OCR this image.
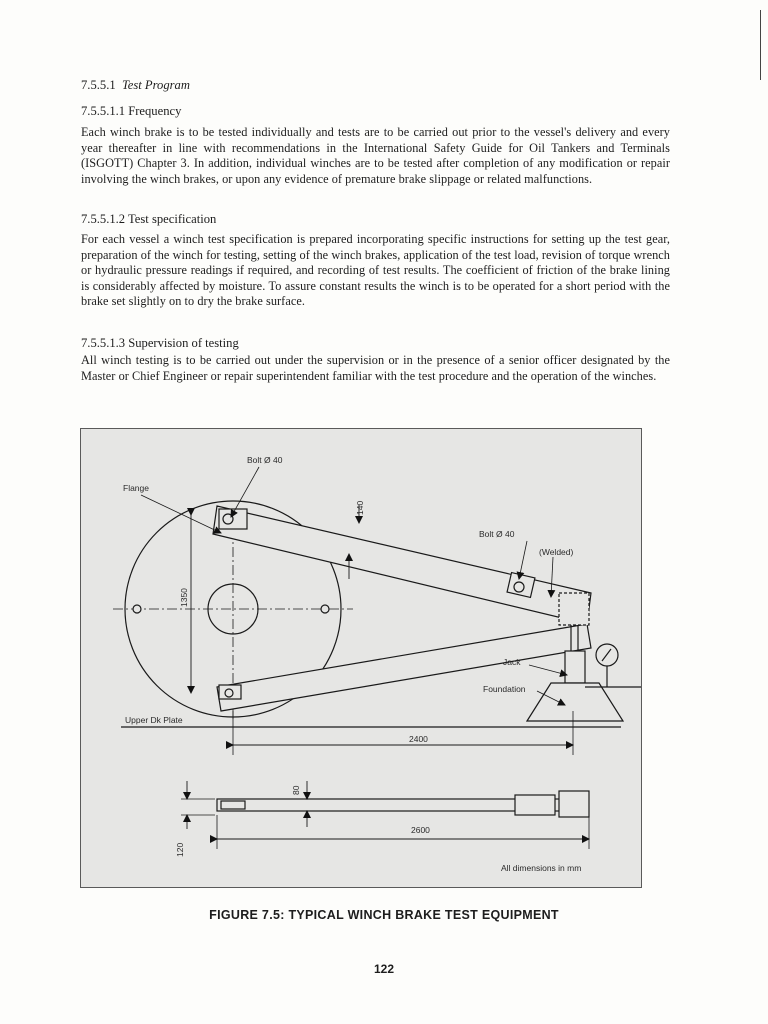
7.5.5.1 Test Program
7.5.5.1.1 Frequency

Each winch brake is to be tested individually and tests are to be carried out prior to the vessel's delivery and every year thereafter in line with recommendations in the International Safety Guide for Oil Tankers and Terminals (ISGOTT) Chapter 3. In addition, individual winches are to be tested after completion of any modification or repair involving the winch brakes, or upon any evidence of premature brake slippage or related malfunctions.

7.5.5.1.2 Test specification

For each vessel a winch test specification is prepared incorporating specific instructions for setting up the test gear, preparation of the winch for testing, setting of the winch brakes, application of the test load, revision of torque wrench or hydraulic pressure readings if required, and recording of test results. The coefficient of friction of the brake lining is considerably affected by moisture. To assure constant results the winch is to be operated for a short period with the brake set slightly on to dry the brake surface.

7.5.5.1.3 Supervision of testing

All winch testing is to be carried out under the supervision or in the presence of a senior officer designated by the Master or Chief Engineer or repair superintendent familiar with the test procedure and the operation of the winches.

Bolt Ø 40
Flange
140
Bolt Ø 40
(Welded)
1350
Jack
Foundation
Upper Dk Plate
2400
80
2600
120
All dimensions in mm
FIGURE 7.5: TYPICAL WINCH BRAKE TEST EQUIPMENT
122
